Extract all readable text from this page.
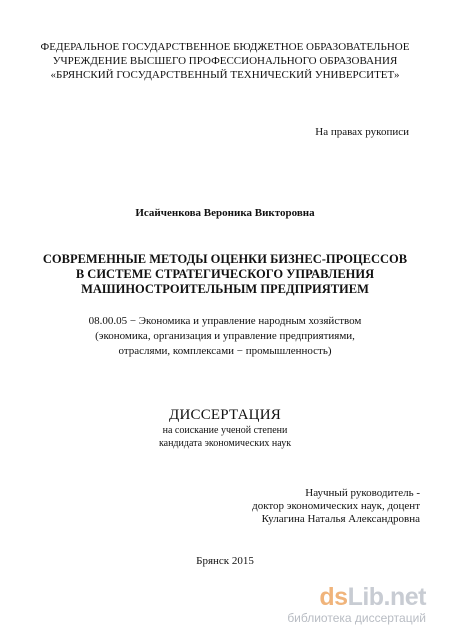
ФЕДЕРАЛЬНОЕ ГОСУДАРСТВЕННОЕ БЮДЖЕТНОЕ ОБРАЗОВАТЕЛЬНОЕ
УЧРЕЖДЕНИЕ ВЫСШЕГО ПРОФЕССИОНАЛЬНОГО ОБРАЗОВАНИЯ
«БРЯНСКИЙ ГОСУДАРСТВЕННЫЙ ТЕХНИЧЕСКИЙ УНИВЕРСИТЕТ»
На правах рукописи
Исайченкова Вероника Викторовна
СОВРЕМЕННЫЕ МЕТОДЫ ОЦЕНКИ БИЗНЕС-ПРОЦЕССОВ
В СИСТЕМЕ СТРАТЕГИЧЕСКОГО УПРАВЛЕНИЯ
МАШИНОСТРОИТЕЛЬНЫМ ПРЕДПРИЯТИЕМ
08.00.05 − Экономика и управление народным хозяйством
(экономика, организация и управление предприятиями,
отраслями, комплексами − промышленность)
ДИССЕРТАЦИЯ
на соискание ученой степени
кандидата экономических наук
Научный руководитель -
доктор экономических наук, доцент
Кулагина Наталья Александровна
Брянск 2015
dsLib.net
библиотека диссертаций
